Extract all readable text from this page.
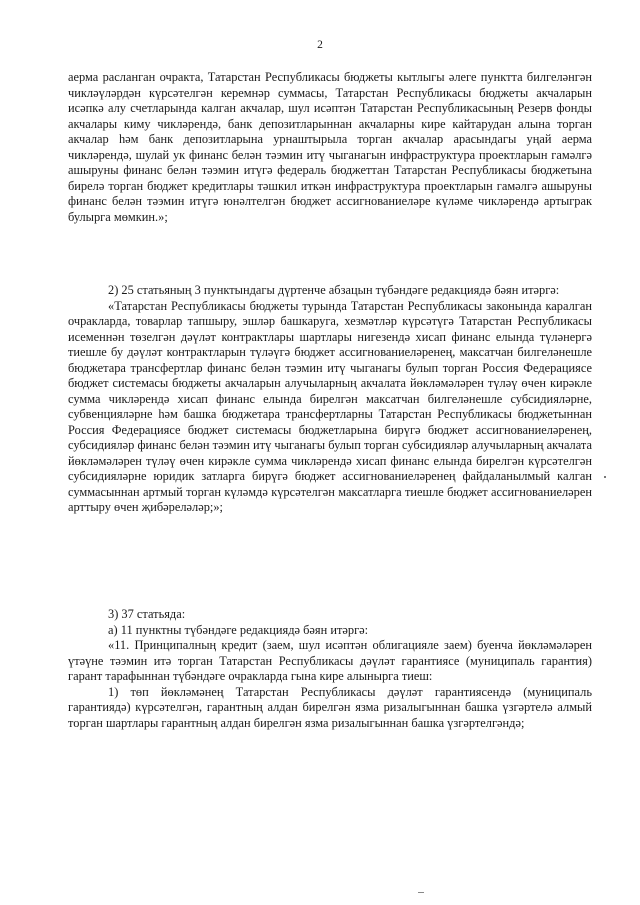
2

аерма расланган очракта, Татарстан Республикасы бюджеты кытлыгы әлеге пунктта билгеләнгән чикләүләрдән күрсәтелгән керемнәр суммасы, Татарстан Республикасы бюджеты акчаларын исәпкә алу счетларында калган акчалар, шул исәптән Татарстан Республикасының Резерв фонды акчалары киму чикләрендә, банк депозитларыннан акчаларны кире кайтарудан алына торган акчалар һәм банк депозитларына урнаштырыла торган акчалар арасындагы уңай аерма чикләрендә, шулай ук финанс белән тәэмин итү чыганагын инфраструктура проектларын гамәлгә ашыруны финанс белән тәэмин итүгә федераль бюджеттан Татарстан Республикасы бюджетына бирелә торган бюджет кредитлары тәшкил иткән инфраструктура проектларын гамәлгә ашыруны финанс белән тәэмин итүгә юнәлтелгән бюджет ассигнованиеләре күләме чикләрендә артыграк булырга мөмкин.»;

2) 25 статьяның 3 пунктындагы дүртенче абзацын түбәндәге редакциядә бәян итәргә:

«Татарстан Республикасы бюджеты турында Татарстан Республикасы законында каралган очракларда, товарлар тапшыру, эшләр башкаруга, хезмәтләр күрсәтүгә Татарстан Республикасы исеменнән төзелгән дәүләт контрактлары шартлары нигезендә хисап финанс елында түләнергә тиешле бу дәүләт контрактларын түләүгә бюджет ассигнованиеләренең, максатчан билгеләнешле бюджетара трансфертлар финанс белән тәэмин итү чыганагы булып торган Россия Федерациясе бюджет системасы бюджеты акчаларын алучыларның акчалата йөкләмәләрен түләү өчен кирәкле сумма чикләрендә хисап финанс елында бирелгән максатчан билгеләнешле субсидияләрне, субвенцияләрне һәм башка бюджетара трансфертларны Татарстан Республикасы бюджетыннан Россия Федерациясе бюджет системасы бюджетларына бирүгә бюджет ассигнованиеләренең, субсидияләр финанс белән тәэмин итү чыганагы булып торган субсидияләр алучыларның акчалата йөкләмәләрен түләү өчен кирәкле сумма чикләрендә хисап финанс елында бирелгән күрсәтелгән субсидияләрне юридик затларга бирүгә бюджет ассигнованиеләренең файдаланылмый калган суммасыннан артмый торган күләмдә күрсәтелгән максатларга тиешле бюджет ассигнованиеләрен арттыру өчен җибәреләләр;»;

3) 37 статьяда:

а) 11 пунктны түбәндәге редакциядә бәян итәргә:

«11. Принципалның кредит (заем, шул исәптән облигацияле заем) буенча йөкләмәләрен үтәүне тәэмин итә торган Татарстан Республикасы дәүләт гарантиясе (муниципаль гарантия) гарант тарафыннан түбәндәге очракларда гына кире алынырга тиеш:

1) төп йөкләмәнең Татарстан Республикасы дәүләт гарантиясендә (муниципаль гарантиядә) күрсәтелгән, гарантның алдан бирелгән язма ризалыгыннан башка үзгәртелә алмый торган шартлары гарантның алдан бирелгән язма ризалыгыннан башка үзгәртелгәндә;
